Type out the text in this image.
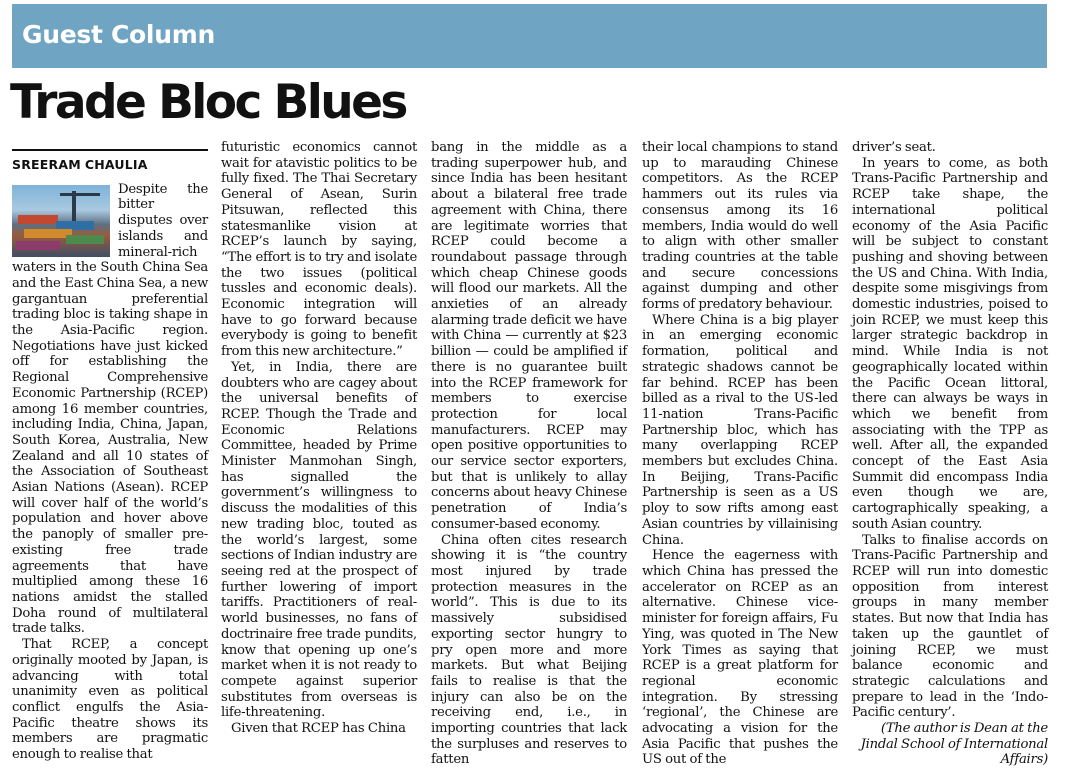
Guest Column
Trade Bloc Blues
SREERAM CHAULIA

Despite the bitter disputes over islands and mineral-rich waters in the South China Sea and the East China Sea, a new gargantuan preferential trading bloc is taking shape in the Asia-Pacific region. Negotiations have just kicked off for establishing the Regional Comprehensive Economic Partnership (RCEP) among 16 member countries, including India, China, Japan, South Korea, Australia, New Zealand and all 10 states of the Association of Southeast Asian Nations (Asean). RCEP will cover half of the world’s population and hover above the panoply of smaller pre-existing free trade agreements that have multiplied among these 16 nations amidst the stalled Doha round of multilateral trade talks.

That RCEP, a concept originally mooted by Japan, is advancing with total unanimity even as political conflict engulfs the Asia-Pacific theatre shows its members are pragmatic enough to realise that

futuristic economics cannot wait for atavistic politics to be fully fixed. The Thai Secretary General of Asean, Surin Pitsuwan, reflected this statesmanlike vision at RCEP’s launch by saying, “The effort is to try and isolate the two issues (political tussles and economic deals). Economic integration will have to go forward because everybody is going to benefit from this new architecture.”

Yet, in India, there are doubters who are cagey about the universal benefits of RCEP. Though the Trade and Economic Relations Committee, headed by Prime Minister Manmohan Singh, has signalled the government’s willingness to discuss the modalities of this new trading bloc, touted as the world’s largest, some sections of Indian industry are seeing red at the prospect of further lowering of import tariffs. Practitioners of real-world businesses, no fans of doctrinaire free trade pundits, know that opening up one’s market when it is not ready to compete against superior substitutes from overseas is life-threatening.

Given that RCEP has China

bang in the middle as a trading superpower hub, and since India has been hesitant about a bilateral free trade agreement with China, there are legitimate worries that RCEP could become a roundabout passage through which cheap Chinese goods will flood our markets. All the anxieties of an already alarming trade deficit we have with China — currently at $23 billion — could be amplified if there is no guarantee built into the RCEP framework for members to exercise protection for local manufacturers. RCEP may open positive opportunities to our service sector exporters, but that is unlikely to allay concerns about heavy Chinese penetration of India’s consumer-based economy.

China often cites research showing it is “the country most injured by trade protection measures in the world”. This is due to its massively subsidised exporting sector hungry to pry open more and more markets. But what Beijing fails to realise is that the injury can also be on the receiving end, i.e., in importing countries that lack the surpluses and reserves to fatten

their local champions to stand up to marauding Chinese competitors. As the RCEP hammers out its rules via consensus among its 16 members, India would do well to align with other smaller trading countries at the table and secure concessions against dumping and other forms of predatory behaviour.

Where China is a big player in an emerging economic formation, political and strategic shadows cannot be far behind. RCEP has been billed as a rival to the US-led 11-nation Trans-Pacific Partnership bloc, which has many overlapping RCEP members but excludes China. In Beijing, Trans-Pacific Partnership is seen as a US ploy to sow rifts among east Asian countries by villainising China.

Hence the eagerness with which China has pressed the accelerator on RCEP as an alternative. Chinese vice-minister for foreign affairs, Fu Ying, was quoted in The New York Times as saying that RCEP is a great platform for regional economic integration. By stressing ‘regional’, the Chinese are advocating a vision for the Asia Pacific that pushes the US out of the

driver’s seat.

In years to come, as both Trans-Pacific Partnership and RCEP take shape, the international political economy of the Asia Pacific will be subject to constant pushing and shoving between the US and China. With India, despite some misgivings from domestic industries, poised to join RCEP, we must keep this larger strategic backdrop in mind. While India is not geographically located within the Pacific Ocean littoral, there can always be ways in which we benefit from associating with the TPP as well. After all, the expanded concept of the East Asia Summit did encompass India even though we are, cartographically speaking, a south Asian country.

Talks to finalise accords on Trans-Pacific Partnership and RCEP will run into domestic opposition from interest groups in many member states. But now that India has taken up the gauntlet of joining RCEP, we must balance economic and strategic calculations and prepare to lead in the ‘Indo-Pacific century’.

(The author is Dean at the Jindal School of International Affairs)
